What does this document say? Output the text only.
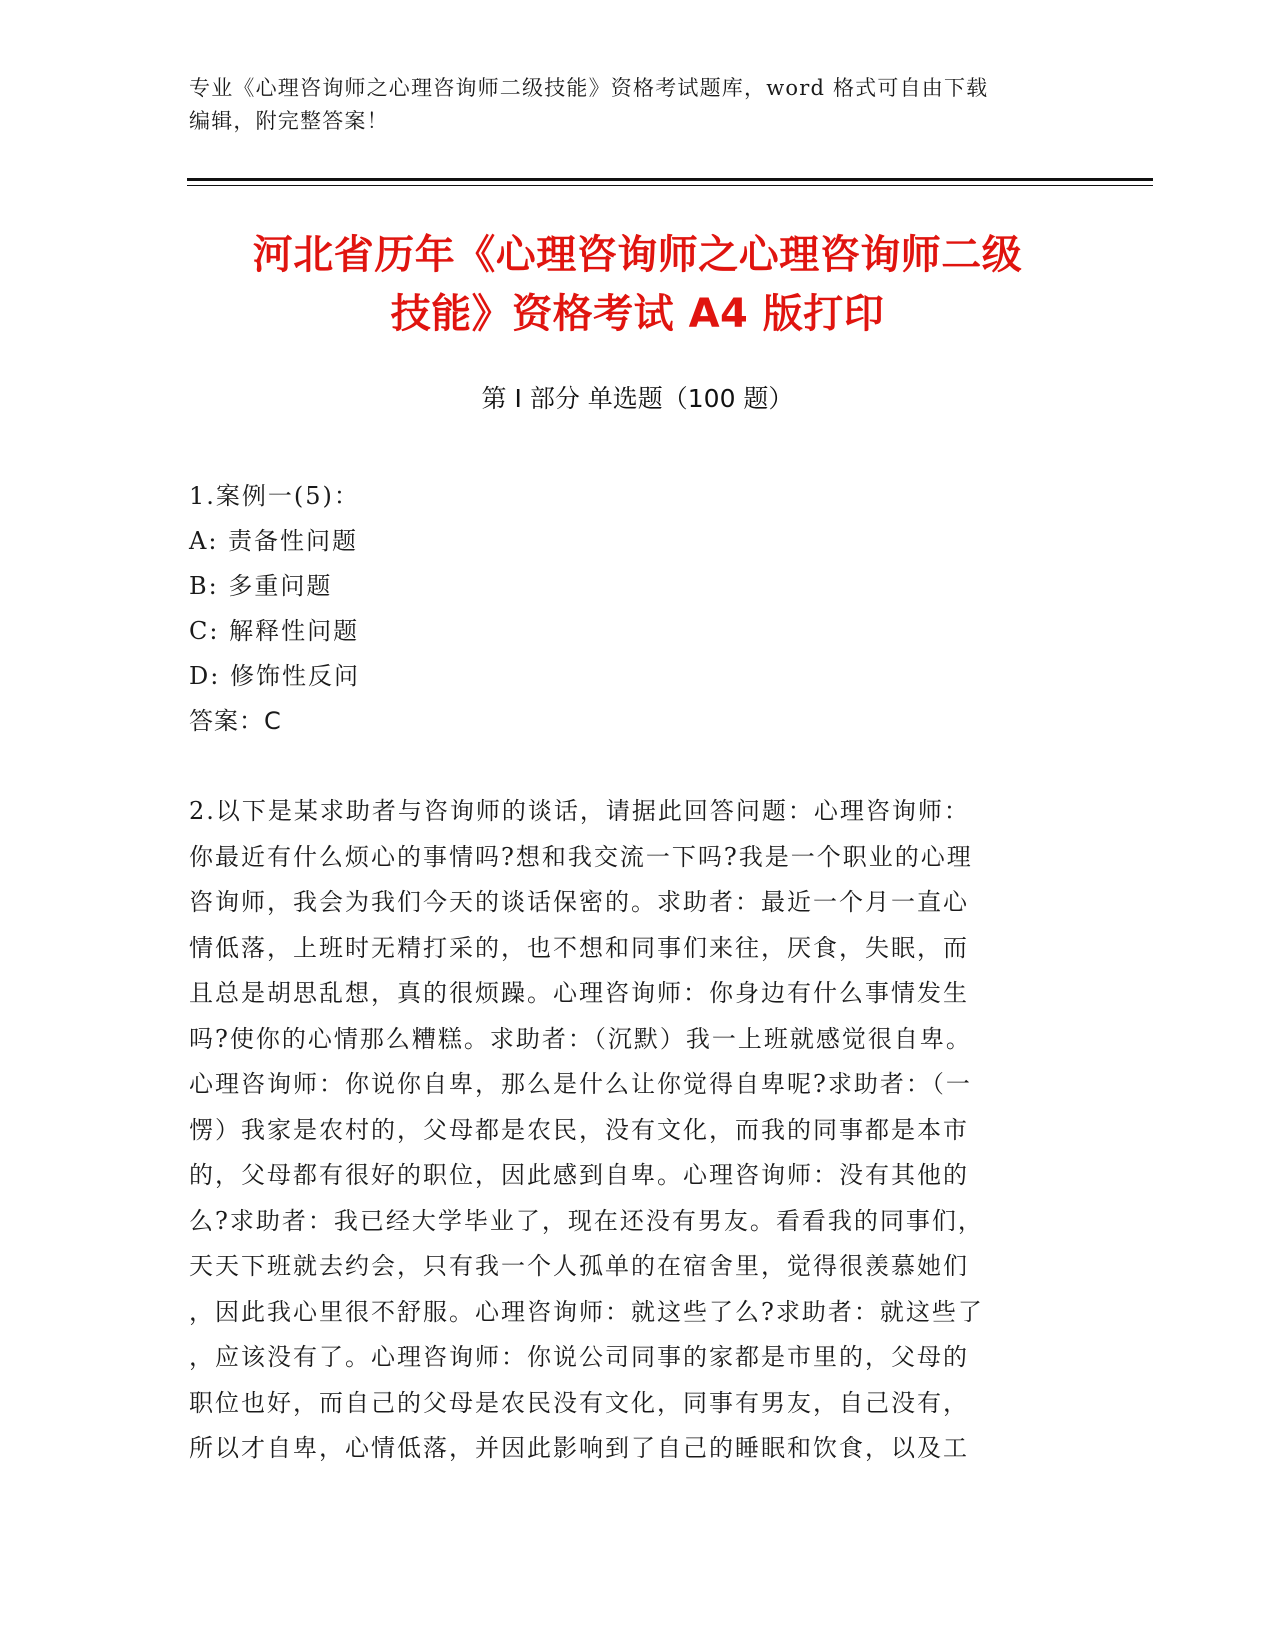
专业《心理咨询师之心理咨询师二级技能》资格考试题库，word 格式可自由下载
编辑，附完整答案！
河北省历年《心理咨询师之心理咨询师二级
技能》资格考试 A4 版打印
第 I 部分 单选题（100 题）
1.案例一(5)：
A: 责备性问题
B: 多重问题
C: 解释性问题
D: 修饰性反问
答案：C
2.以下是某求助者与咨询师的谈话，请据此回答问题：心理咨询师：
你最近有什么烦心的事情吗?想和我交流一下吗?我是一个职业的心理
咨询师，我会为我们今天的谈话保密的。求助者：最近一个月一直心
情低落，上班时无精打采的，也不想和同事们来往，厌食，失眠，而
且总是胡思乱想，真的很烦躁。心理咨询师：你身边有什么事情发生
吗?使你的心情那么糟糕。求助者：（沉默）我一上班就感觉很自卑。
心理咨询师：你说你自卑，那么是什么让你觉得自卑呢?求助者：（一
愣）我家是农村的，父母都是农民，没有文化，而我的同事都是本市
的，父母都有很好的职位，因此感到自卑。心理咨询师：没有其他的
么?求助者：我已经大学毕业了，现在还没有男友。看看我的同事们，
天天下班就去约会，只有我一个人孤单的在宿舍里，觉得很羡慕她们
，因此我心里很不舒服。心理咨询师：就这些了么?求助者：就这些了
，应该没有了。心理咨询师：你说公司同事的家都是市里的，父母的
职位也好，而自己的父母是农民没有文化，同事有男友，自己没有，
所以才自卑，心情低落，并因此影响到了自己的睡眠和饮食，以及工
